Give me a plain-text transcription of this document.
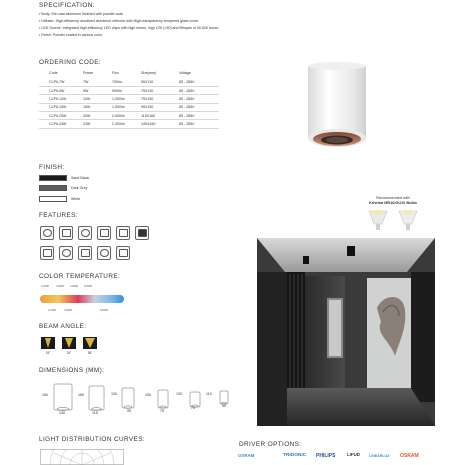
SPECIFICATION:
• Body: Die-cast aluminum finished with powder coat.
• Diffuser: High-efficiency anodized aluminum reflector with High-transparency tempered glass cover.
• LED Source: Integrated high-efficiency LED chips with high lumen, high CRI (>90) and lifespan of 50,000 hours.
• Finish: Powder coated in various color.
ORDERING CODE:
Code	Power	Flux	Size(mm)	Voltage
CLPIL7W	7W	700lm	55X110	85 - 265V
CLPIL9W	9W	900lm	75X130	85 - 265V
CLPIL12W	12W	1,200lm	75X150	85 - 265V
CLPIL15W	15W	1,500lm	95X150	85 - 265V
CLPIL20W	20W	2,000lm	115X160	85 - 265V
CLPIL24W	24W	2,400lm	140X160	85 - 265V
FINISH:
Sand Black
Dark Grey
White
FEATURES:
COLOR TEMPERATURE:
2,200K	3,000K 4,000K 5,000K
2,700K	3,500K	6,500K
BEAM ANGLE:
15°	24°	36°
DIMENSIONS (MM):
160
140
160
115
150
95
150
75
130
75
110
55
Recommended with
Kristina MR16/GU10 Bulbs
LIGHT DISTRIBUTION CURVES:
DRIVER OPTIONS:
OSRAM	TRIDONIC PHILIPS	LIFUD	LINEARLUX OSRAM
